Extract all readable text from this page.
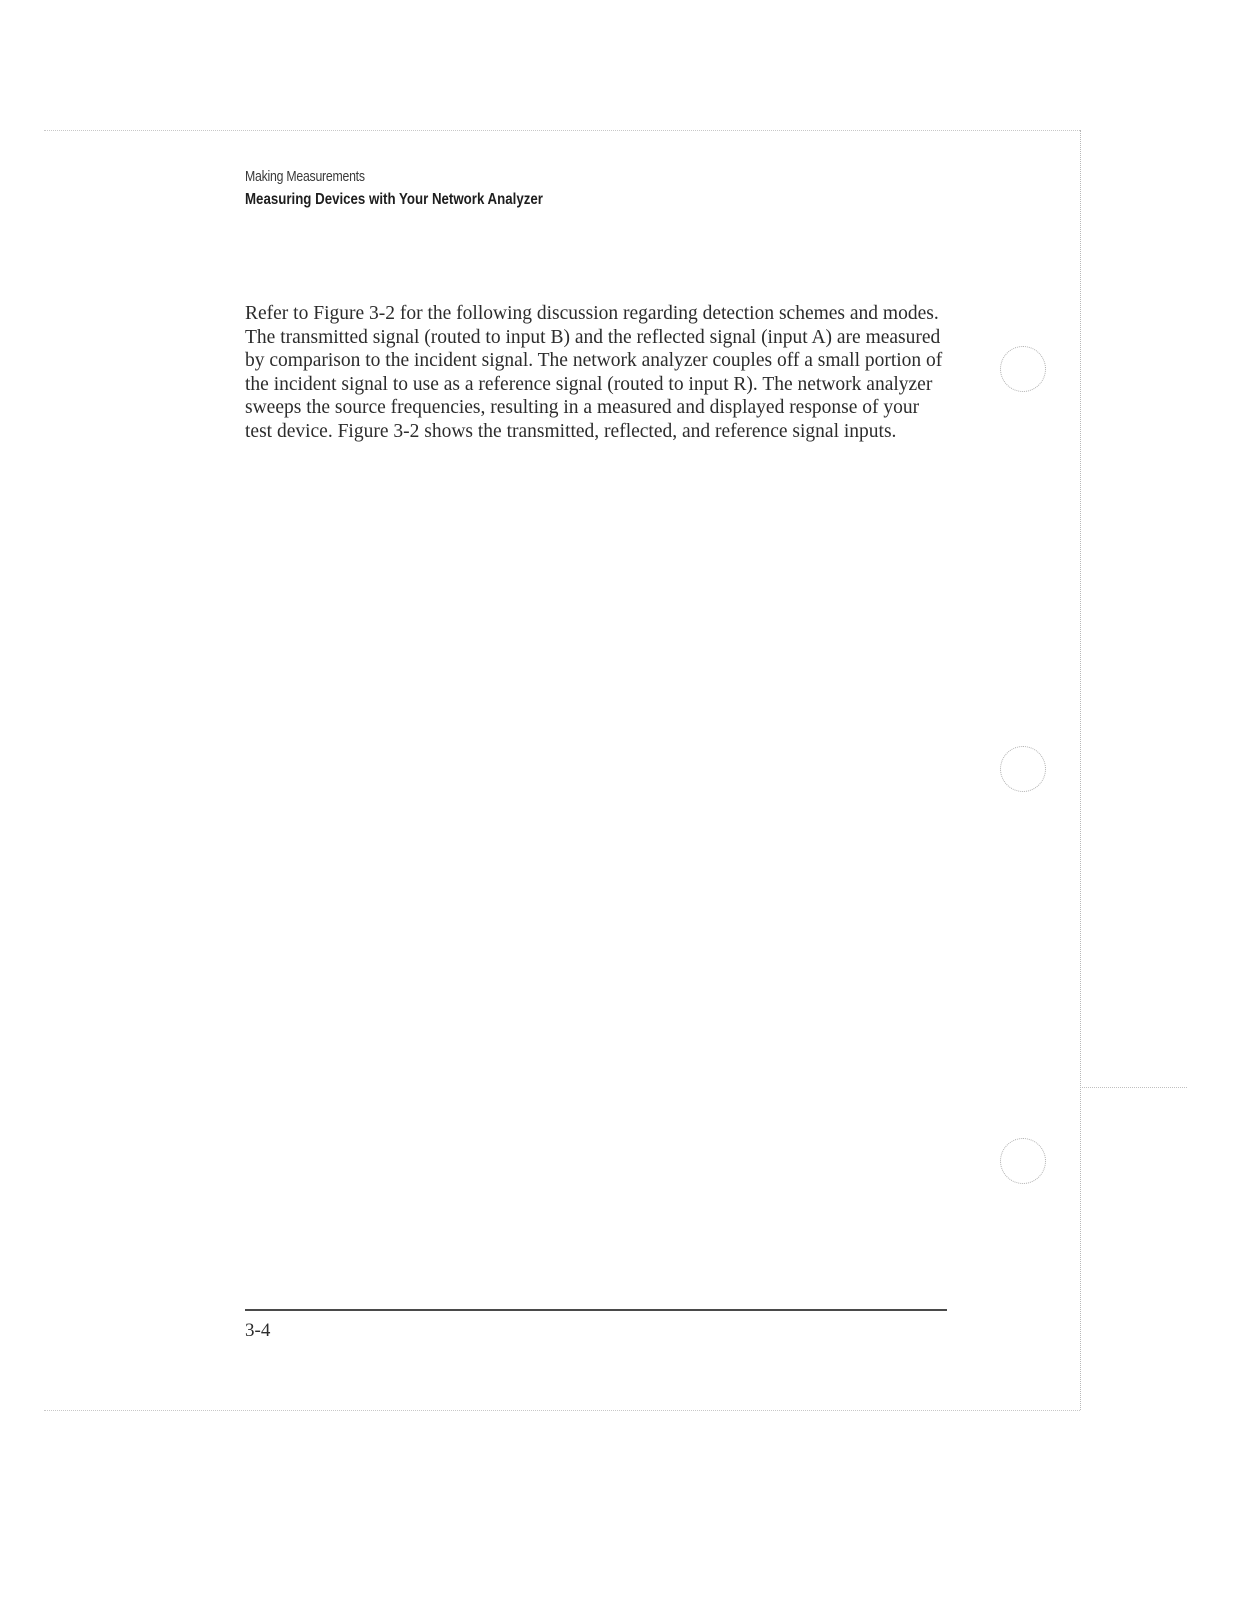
Making Measurements
Measuring Devices with Your Network Analyzer

Refer to Figure 3-2 for the following discussion regarding detection schemes and modes. The transmitted signal (routed to input B) and the reflected signal (input A) are measured by comparison to the incident signal. The network analyzer couples off a small portion of the incident signal to use as a reference signal (routed to input R). The network analyzer sweeps the source frequencies, resulting in a measured and displayed response of your test device. Figure 3-2 shows the transmitted, reflected, and reference signal inputs.

3-4
